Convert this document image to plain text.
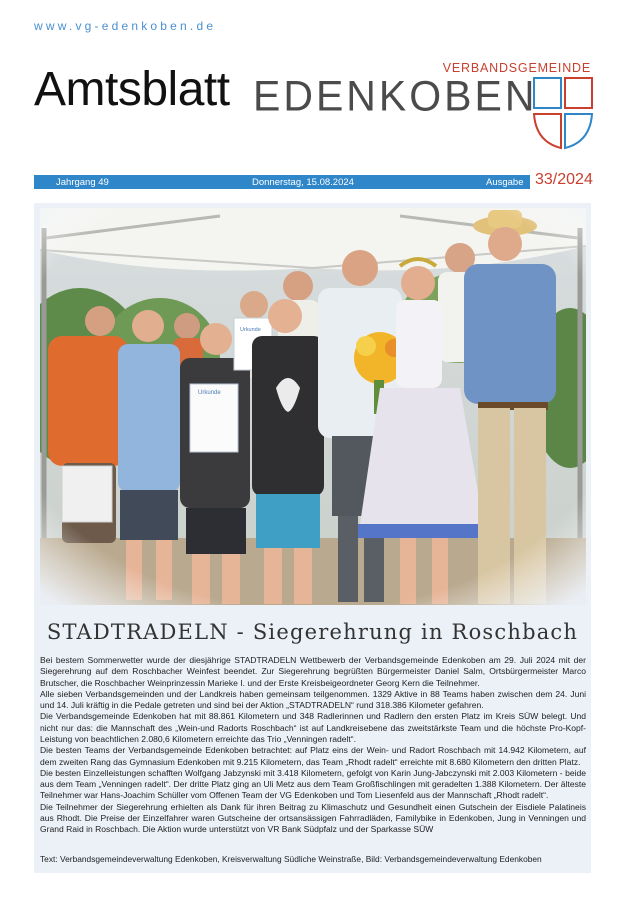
www.vg-edenkoben.de
Amtsblatt	VERBANDSGEMEINDE
EDENKOBEN
Jahrgang 49	Donnerstag, 15.08.2024	Ausgabe 33/2024
STADTRADELN - Siegerehrung in Roschbach

Bei bestem Sommerwetter wurde der diesjährige STADTRADELN Wettbewerb der Verbandsgemeinde Edenkoben am 29. Juli 2024 mit der Siegerehrung auf dem Roschbacher Weinfest beendet. Zur Siegerehrung begrüßten Bürgermeister Daniel Salm, Ortsbürgermeister Marco Brutscher, die Roschbacher Weinprinzessin Marieke I. und der Erste Kreisbeigeordneter Georg Kern die Teilnehmer.

Alle sieben Verbandsgemeinden und der Landkreis haben gemeinsam teilgenommen. 1329 Aktive in 88 Teams haben zwischen dem 24. Juni und 14. Juli kräftig in die Pedale getreten und sind bei der Aktion „STADTRADELN“ rund 318.386 Kilometer gefahren.

Die Verbandsgemeinde Edenkoben hat mit 88.861 Kilometern und 348 Radlerinnen und Radlern den ersten Platz im Kreis SÜW belegt. Und nicht nur das: die Mannschaft des „Wein-und Radorts Roschbach“ ist auf Landkreisebene das zweitstärkste Team und die höchste Pro-Kopf-Leistung von beachtlichen 2.080,6 Kilometern erreichte das Trio „Venningen radelt“.

Die besten Teams der Verbandsgemeinde Edenkoben betrachtet: auf Platz eins der Wein- und Radort Roschbach mit 14.942 Kilometern, auf dem zweiten Rang das Gymnasium Edenkoben mit 9.215 Kilometern, das Team „Rhodt radelt“ erreichte mit 8.680 Kilometern den dritten Platz.

Die besten Einzelleistungen schafften Wolfgang Jabzynski mit 3.418 Kilometern, gefolgt von Karin Jung-Jabczynski mit 2.003 Kilometern - beide aus dem Team „Venningen radelt“. Der dritte Platz ging an Uli Metz aus dem Team Großfischlingen mit geradelten 1.388 Kilometern. Der älteste Teilnehmer war Hans-Joachim Schüller vom Offenen Team der VG Edenkoben und Tom Liesenfeld aus der Mannschaft „Rhodt radelt“.

Die Teilnehmer der Siegerehrung erhielten als Dank für ihren Beitrag zu Klimaschutz und Gesundheit einen Gutschein der Eisdiele Palatineis aus Rhodt. Die Preise der Einzelfahrer waren Gutscheine der ortsansässigen Fahrradläden, Familybike in Edenkoben, Jung in Venningen und Grand Raid in Roschbach. Die Aktion wurde unterstützt von VR Bank Südpfalz und der Sparkasse SÜW

Text: Verbandsgemeindeverwaltung Edenkoben, Kreisverwaltung Südliche Weinstraße, Bild: Verbandsgemeindeverwaltung Edenkoben
